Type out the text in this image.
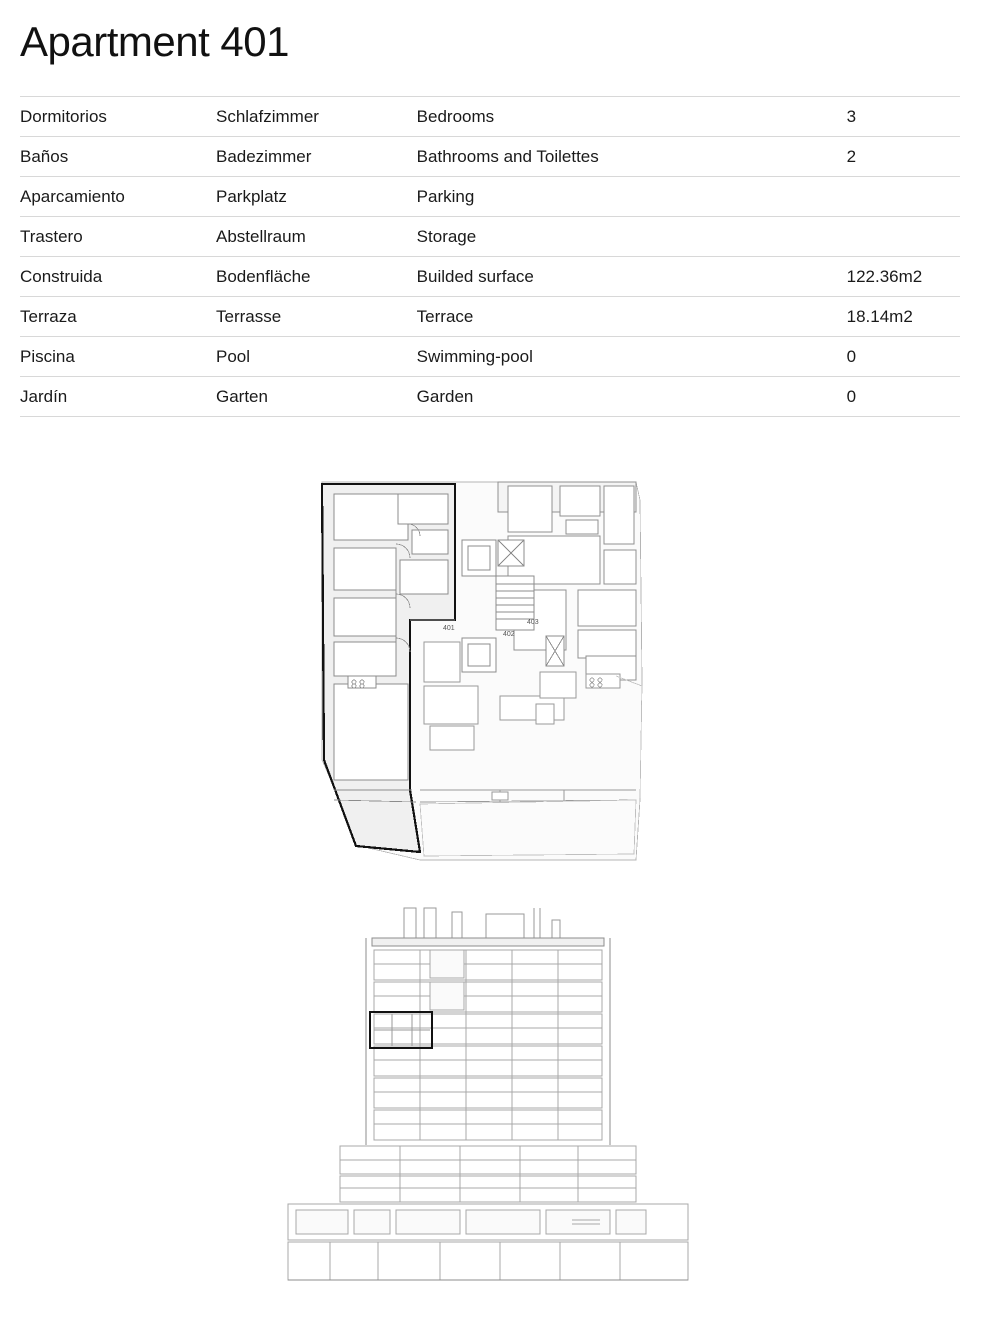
Apartment 401
Dormitorios	Schlafzimmer	Bedrooms	3
Baños	Badezimmer	Bathrooms and Toilettes	2
Aparcamiento	Parkplatz	Parking	
Trastero	Abstellraum	Storage	
Construida	Bodenfläche	Builded surface	122.36m2
Terraza	Terrasse	Terrace	18.14m2
Piscina	Pool	Swimming-pool	0
Jardín	Garten	Garden	0
401
402
403
